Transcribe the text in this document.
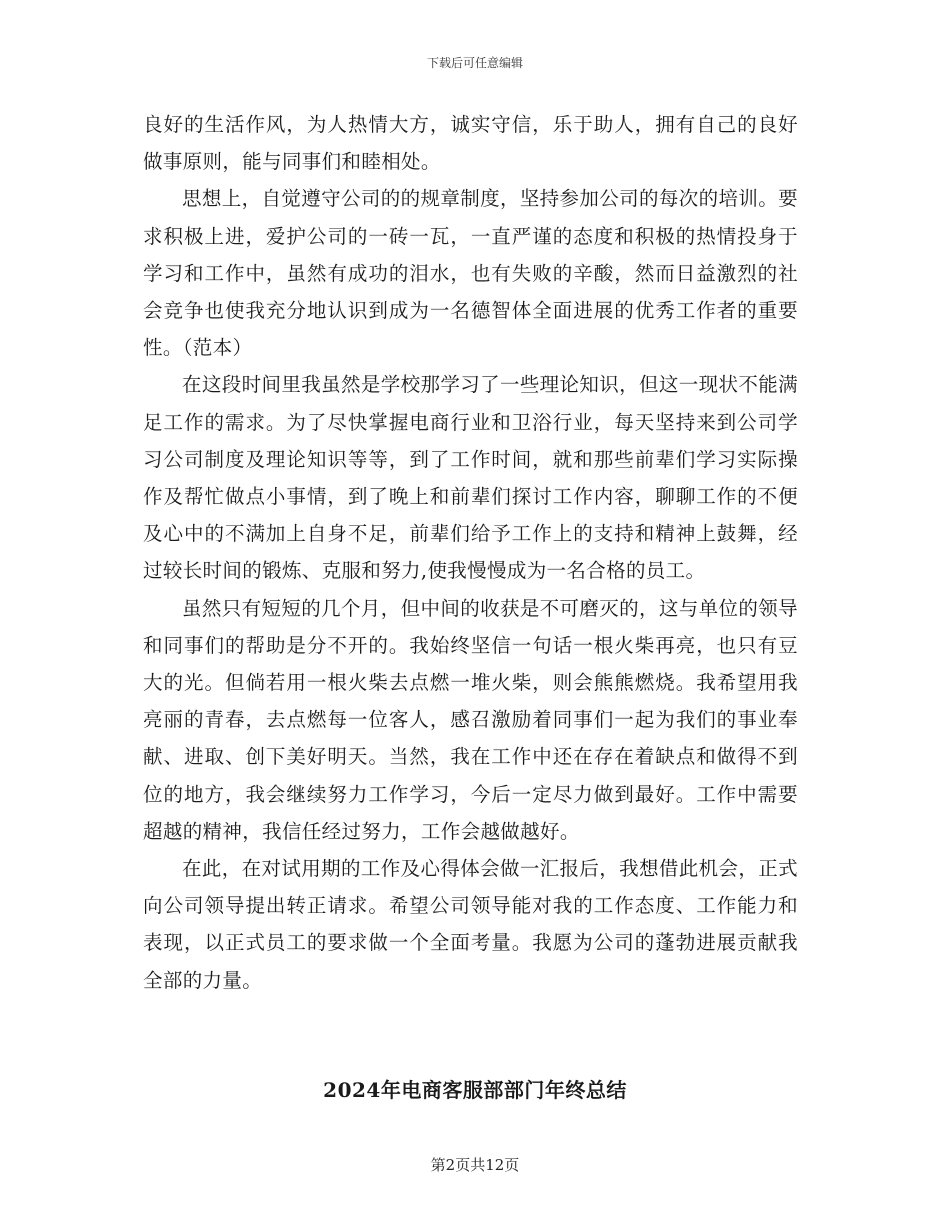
下载后可任意编辑

良好的生活作风，为人热情大方，诚实守信，乐于助人，拥有自己的良好做事原则，能与同事们和睦相处。

思想上，自觉遵守公司的的规章制度，坚持参加公司的每次的培训。要求积极上进，爱护公司的一砖一瓦，一直严谨的态度和积极的热情投身于学习和工作中，虽然有成功的泪水，也有失败的辛酸，然而日益激烈的社会竞争也使我充分地认识到成为一名德智体全面进展的优秀工作者的重要性。（范本）

在这段时间里我虽然是学校那学习了一些理论知识，但这一现状不能满足工作的需求。为了尽快掌握电商行业和卫浴行业，每天坚持来到公司学习公司制度及理论知识等等，到了工作时间，就和那些前辈们学习实际操作及帮忙做点小事情，到了晚上和前辈们探讨工作内容，聊聊工作的不便及心中的不满加上自身不足，前辈们给予工作上的支持和精神上鼓舞，经过较长时间的锻炼、克服和努力,使我慢慢成为一名合格的员工。

虽然只有短短的几个月，但中间的收获是不可磨灭的，这与单位的领导和同事们的帮助是分不开的。我始终坚信一句话一根火柴再亮，也只有豆大的光。但倘若用一根火柴去点燃一堆火柴，则会熊熊燃烧。我希望用我亮丽的青春，去点燃每一位客人，感召激励着同事们一起为我们的事业奉献、进取、创下美好明天。当然，我在工作中还在存在着缺点和做得不到位的地方，我会继续努力工作学习，今后一定尽力做到最好。工作中需要超越的精神，我信任经过努力，工作会越做越好。

在此，在对试用期的工作及心得体会做一汇报后，我想借此机会，正式向公司领导提出转正请求。希望公司领导能对我的工作态度、工作能力和表现，以正式员工的要求做一个全面考量。我愿为公司的蓬勃进展贡献我全部的力量。

2024年电商客服部部门年终总结
第2页共12页
